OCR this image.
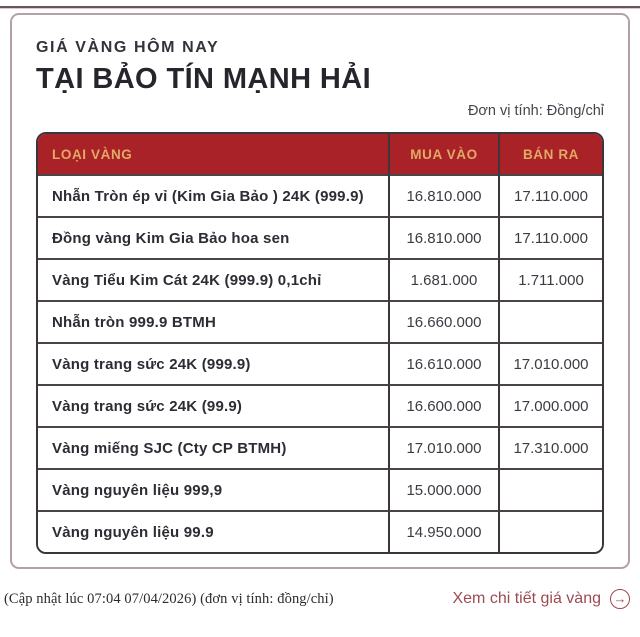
GIÁ VÀNG HÔM NAY
TẠI BẢO TÍN MẠNH HẢI
Đơn vị tính: Đồng/chỉ
LOẠI VÀNG	MUA VÀO	BÁN RA
Nhẫn Tròn ép vỉ (Kim Gia Bảo ) 24K (999.9)	16.810.000	17.110.000
Đồng vàng Kim Gia Bảo hoa sen	16.810.000	17.110.000
Vàng Tiểu Kim Cát 24K (999.9) 0,1chỉ	1.681.000	1.711.000
Nhẫn tròn 999.9 BTMH	16.660.000	
Vàng trang sức 24K (999.9)	16.610.000	17.010.000
Vàng trang sức 24K (99.9)	16.600.000	17.000.000
Vàng miếng SJC (Cty CP BTMH)	17.010.000	17.310.000
Vàng nguyên liệu 999,9	15.000.000	
Vàng nguyên liệu 99.9	14.950.000	
(Cập nhật lúc 07:04 07/04/2026) (đơn vị tính: đồng/chỉ)	Xem chi tiết giá vàng →
